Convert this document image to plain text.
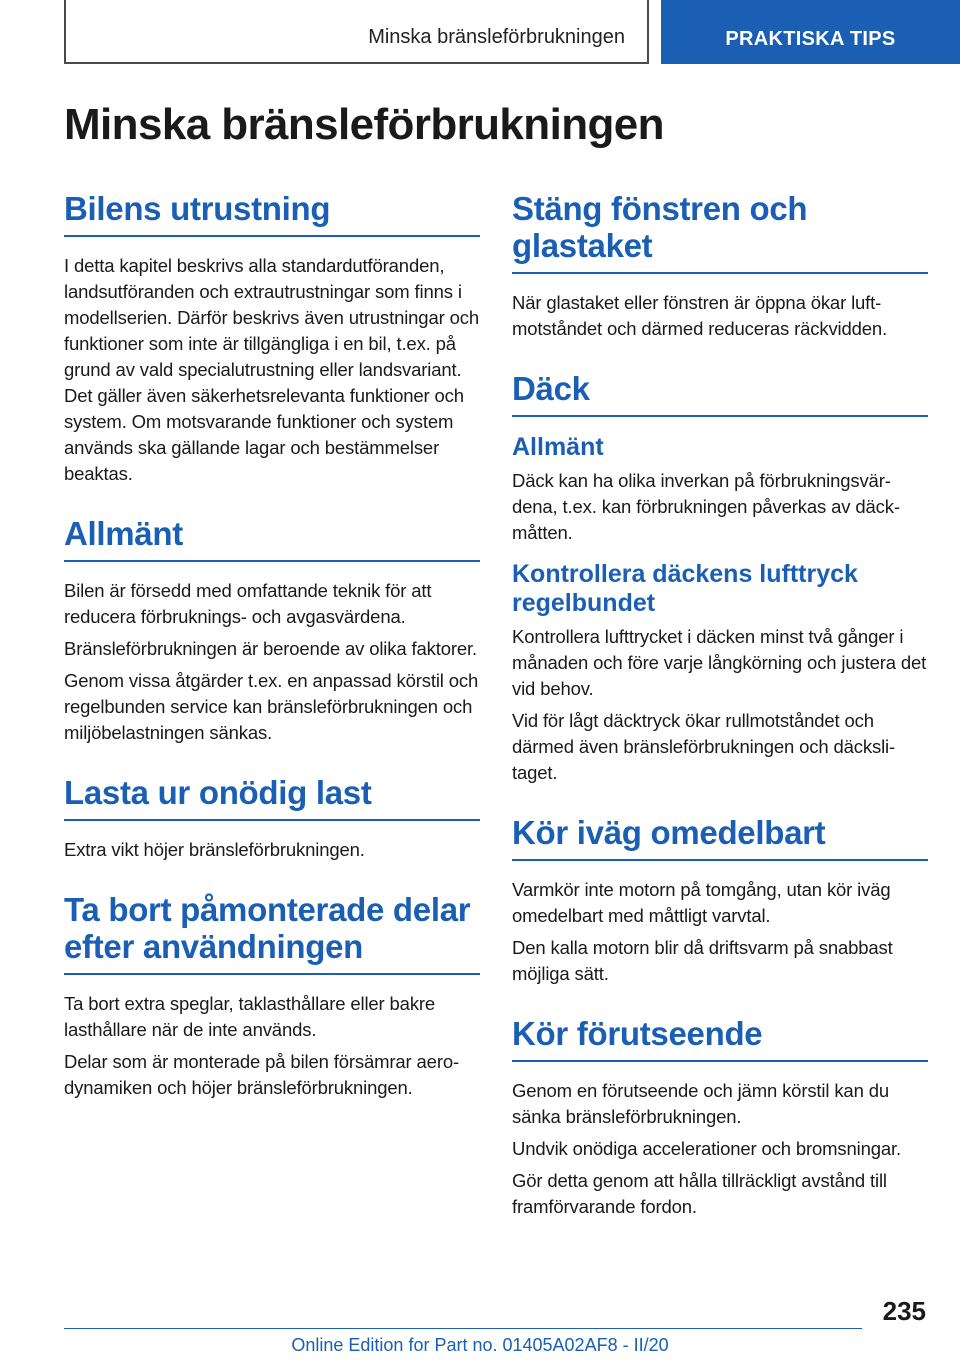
Minska bränsleförbrukningen	PRAKTISKA TIPS
Minska bränsleförbrukningen
Bilens utrustning

I detta kapitel beskrivs alla standardutföranden, landsutföranden och extrautrustningar som finns i modellserien. Därför beskrivs även utrustningar och funktioner som inte är tillgängliga i en bil, t.ex. på grund av vald specialutrustning eller landsvariant. Det gäller även säkerhetsrelevanta funktioner och system. Om motsvarande funktioner och system används ska gällande lagar och bestämmelser beaktas.

Allmänt

Bilen är försedd med omfattande teknik för att reducera förbruknings- och avgasvärdena.

Bränsleförbrukningen är beroende av olika faktorer.

Genom vissa åtgärder t.ex. en anpassad körstil och regelbunden service kan bränsleförbrukningen och miljöbelastningen sänkas.

Lasta ur onödig last

Extra vikt höjer bränsleförbrukningen.

Ta bort påmonterade delar efter användningen

Ta bort extra speglar, taklasthållare eller bakre lasthållare när de inte används.

Delar som är monterade på bilen försämrar aerodynamiken och höjer bränsleförbrukningen.

Stäng fönstren och glastaket

När glastaket eller fönstren är öppna ökar luftmotståndet och därmed reduceras räckvidden.

Däck
Allmänt

Däck kan ha olika inverkan på förbrukningsvärdena, t.ex. kan förbrukningen påverkas av däckmåtten.

Kontrollera däckens lufttryck regelbundet

Kontrollera lufttrycket i däcken minst två gånger i månaden och före varje långkörning och justera det vid behov.

Vid för lågt däcktryck ökar rullmotståndet och därmed även bränsleförbrukningen och däckslitaget.

Kör iväg omedelbart

Varmkör inte motorn på tomgång, utan kör iväg omedelbart med måttligt varvtal.

Den kalla motorn blir då driftsvarm på snabbast möjliga sätt.

Kör förutseende

Genom en förutseende och jämn körstil kan du sänka bränsleförbrukningen.

Undvik onödiga accelerationer och bromsningar.

Gör detta genom att hålla tillräckligt avstånd till framförvarande fordon.

235
Online Edition for Part no. 01405A02AF8 - II/20
